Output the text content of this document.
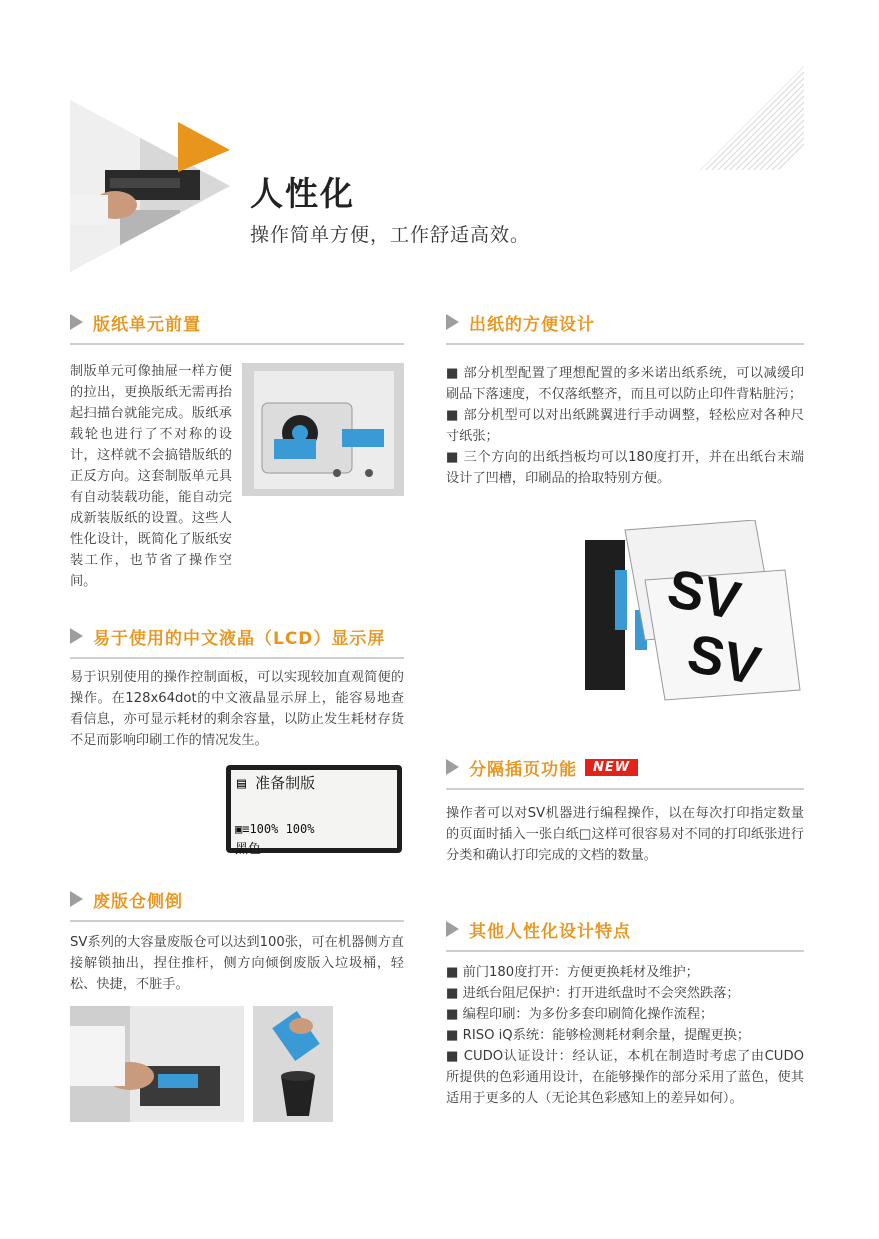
人性化
操作简单方便，工作舒适高效。
版纸单元前置
制版单元可像抽屉一样方便的拉出，更换版纸无需再抬起扫描台就能完成。版纸承载轮也进行了不对称的设计，这样就不会搞错版纸的正反方向。这套制版单元具有自动装载功能，能自动完成新装版纸的设置。这些人性化设计，既简化了版纸安装工作，也节省了操作空间。
易于使用的中文液晶（LCD）显示屏
易于识别使用的操作控制面板，可以实现较加直观简便的操作。在128x64dot的中文液晶显示屏上，能容易地查看信息，亦可显示耗材的剩余容量，以防止发生耗材存货不足而影响印刷工作的情况发生。
▤ 准备制版
▣≡100% 100%
黑色
废版仓侧倒
SV系列的大容量废版仓可以达到100张，可在机器侧方直接解锁抽出，捏住推杆，侧方向倾倒废版入垃圾桶，轻松、快捷，不脏手。
出纸的方便设计
■ 部分机型配置了理想配置的多米诺出纸系统，可以减缓印刷品下落速度，不仅落纸整齐，而且可以防止印件背粘脏污；
■ 部分机型可以对出纸跳翼进行手动调整，轻松应对各种尺寸纸张；
■ 三个方向的出纸挡板均可以180度打开，并在出纸台末端设计了凹槽，印刷品的拾取特别方便。
SV
SV
分隔插页功能	NEW
操作者可以对SV机器进行编程操作，以在每次打印指定数量的页面时插入一张白纸□这样可很容易对不同的打印纸张进行分类和确认打印完成的文档的数量。
其他人性化设计特点
■ 前门180度打开：方便更换耗材及维护；
■ 进纸台阻尼保护：打开进纸盘时不会突然跌落；
■ 编程印刷：为多份多套印刷简化操作流程；
■ RISO iQ系统：能够检测耗材剩余量，提醒更换；
■ CUDO认证设计：经认证，本机在制造时考虑了由CUDO所提供的色彩通用设计，在能够操作的部分采用了蓝色，使其适用于更多的人（无论其色彩感知上的差异如何）。
